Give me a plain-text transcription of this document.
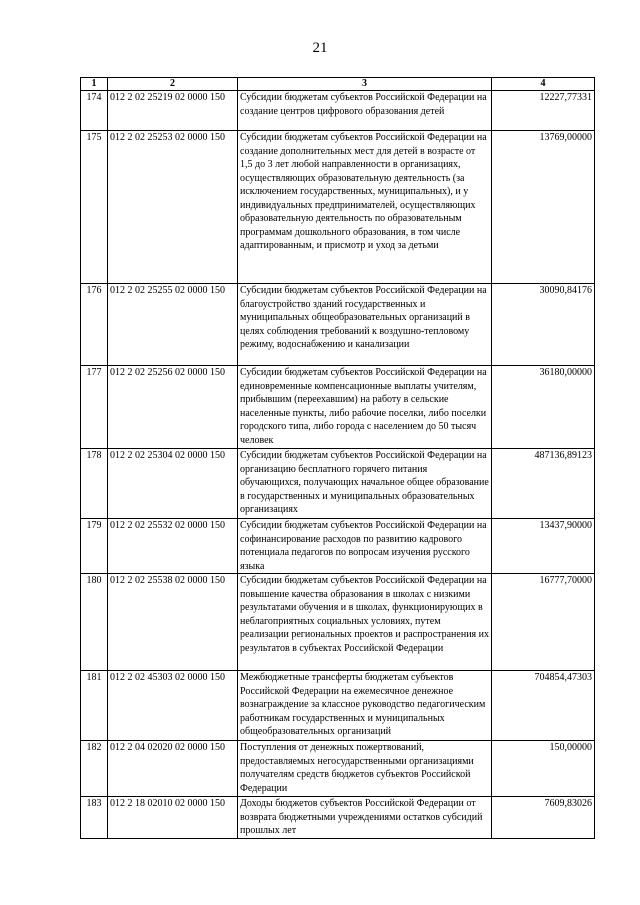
21
1	2	3	4
174	012 2 02 25219 02 0000 150	Субсидии бюджетам субъектов Российской Федерации на создание центров цифрового образования детей	12227,77331
175	012 2 02 25253 02 0000 150	Субсидии бюджетам субъектов Российской Федерации на создание дополнительных мест для детей в возрасте от 1,5 до 3 лет любой направленности в организациях, осуществляющих образовательную деятельность (за исключением государственных, муниципальных), и у индивидуальных предпринимателей, осуществляющих образовательную деятельность по образовательным программам дошкольного образования, в том числе адаптированным, и присмотр и уход за детьми	13769,00000
176	012 2 02 25255 02 0000 150	Субсидии бюджетам субъектов Российской Федерации на благоустройство зданий государственных и муниципальных общеобразовательных организаций в целях соблюдения требований к воздушно-тепловому режиму, водоснабжению и канализации	30090,84176
177	012 2 02 25256 02 0000 150	Субсидии бюджетам субъектов Российской Федерации на единовременные компенсационные выплаты учителям, прибывшим (переехавшим) на работу в сельские населенные пункты, либо рабочие поселки, либо поселки городского типа, либо города с населением до 50 тысяч человек	36180,00000
178	012 2 02 25304 02 0000 150	Субсидии бюджетам субъектов Российской Федерации на организацию бесплатного горячего питания обучающихся, получающих начальное общее образование в государственных и муниципальных образовательных организациях	487136,89123
179	012 2 02 25532 02 0000 150	Субсидии бюджетам субъектов Российской Федерации на софинансирование расходов по развитию кадрового потенциала педагогов по вопросам изучения русского языка	13437,90000
180	012 2 02 25538 02 0000 150	Субсидии бюджетам субъектов Российской Федерации на повышение качества образования в школах с низкими результатами обучения и в школах, функционирующих в неблагоприятных социальных условиях, путем реализации региональных проектов и распространения их результатов в субъектах Российской Федерации	16777,70000
181	012 2 02 45303 02 0000 150	Межбюджетные трансферты бюджетам субъектов Российской Федерации на ежемесячное денежное вознаграждение за классное руководство педагогическим работникам государственных и муниципальных общеобразовательных организаций	704854,47303
182	012 2 04 02020 02 0000 150	Поступления от денежных пожертвований, предоставляемых негосударственными организациями получателям средств бюджетов субъектов Российской Федерации	150,00000
183	012 2 18 02010 02 0000 150	Доходы бюджетов субъектов Российской Федерации от возврата бюджетными учреждениями остатков субсидий прошлых лет	7609,83026
